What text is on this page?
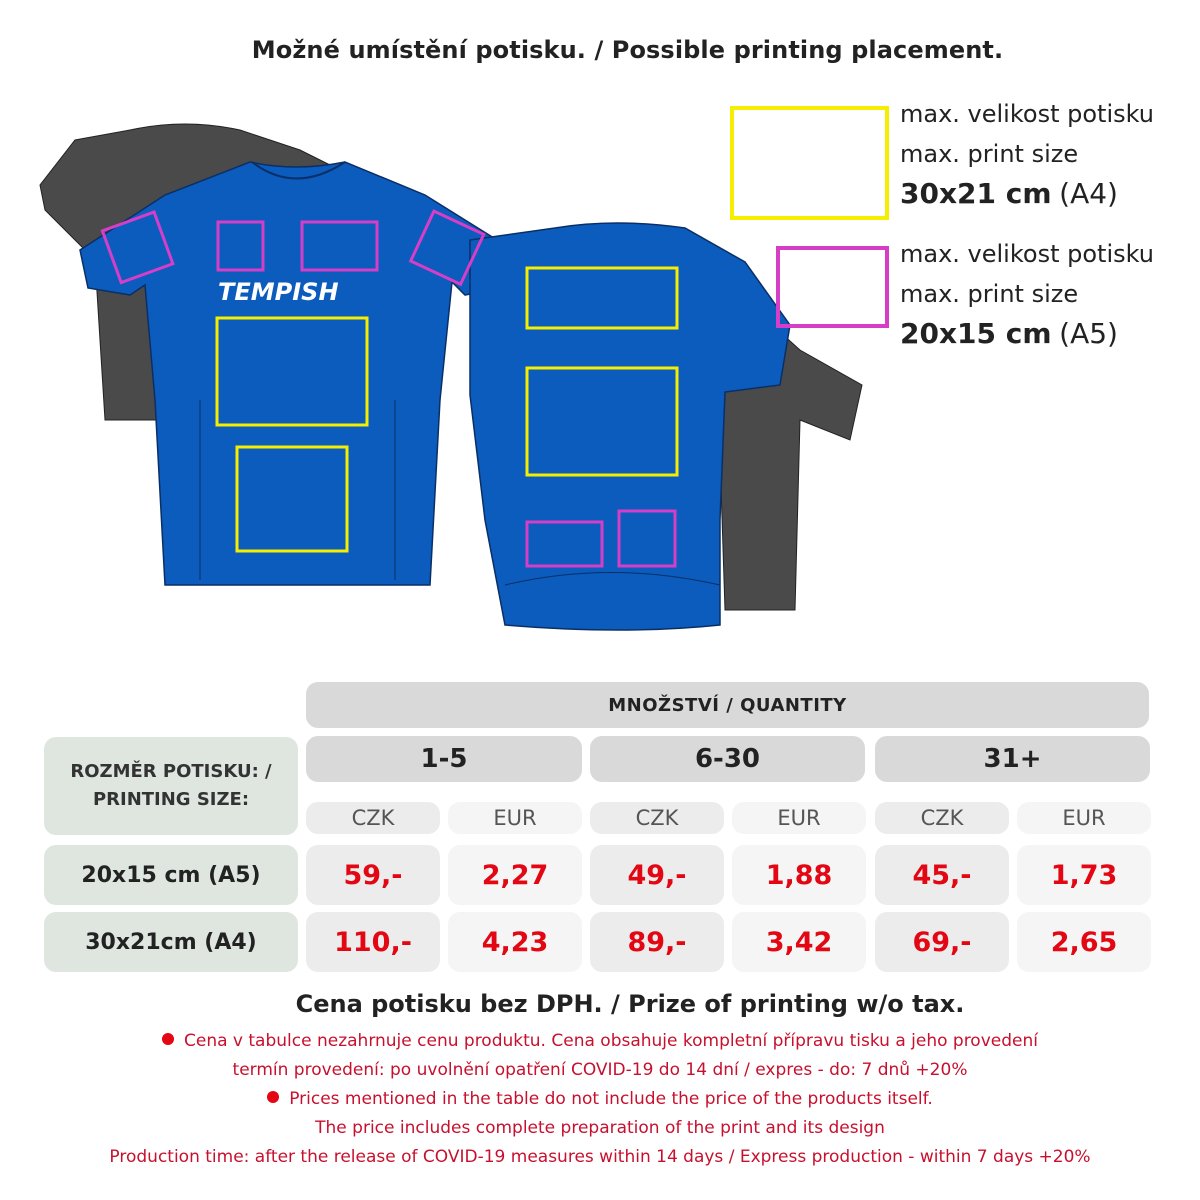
Možné umístění potisku. / Possible printing placement.
TEMPISH
max. velikost potisku
max. print size
30x21 cm (A4)
max. velikost potisku
max. print size
20x15 cm (A5)
MNOŽSTVÍ / QUANTITY
ROZMĚR POTISKU: /
PRINTING SIZE:
1-5	6-30	31+
CZK	EUR	CZK	EUR	CZK	EUR
20x15 cm (A5)	59,-	2,27	49,-	1,88	45,-	1,73
30x21cm (A4)	110,-	4,23	89,-	3,42	69,-	2,65
Cena potisku bez DPH. / Prize of printing w/o tax.
Cena v tabulce nezahrnuje cenu produktu. Cena obsahuje kompletní přípravu tisku a jeho provedení
termín provedení: po uvolnění opatření COVID-19 do 14 dní / expres - do: 7 dnů +20%
Prices mentioned in the table do not include the price of the products itself.
The price includes complete preparation of the print and its design
Production time: after the release of COVID-19 measures within 14 days / Express production - within 7 days +20%
